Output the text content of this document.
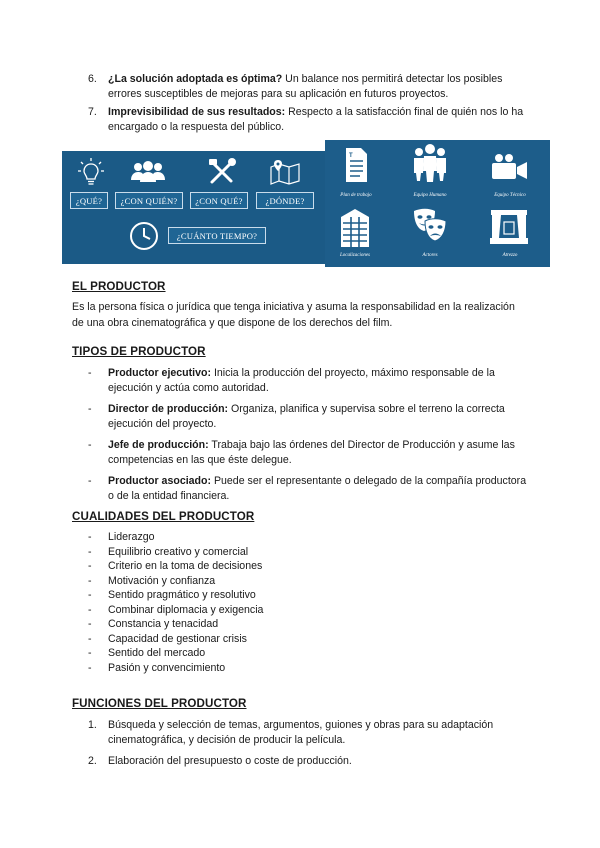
6.	¿La solución adoptada es óptima? Un balance nos permitirá detectar los posibles errores susceptibles de mejoras para su aplicación en futuros proyectos.
7.	Imprevisibilidad de sus resultados: Respecto a la satisfacción final de quién nos lo ha encargado o la respuesta del público.
¿QUÉ?	¿CON QUIÉN?	¿CON QUÉ?	¿DÓNDE?
¿CUÁNTO TIEMPO?
T
Plan de trabajo	Equipo Humano	Equipo Técnico
Localizaciones	Actores	Atrezzo
EL PRODUCTOR
Es la persona física o jurídica que tenga iniciativa y asuma la responsabilidad en la realización de una obra cinematográfica y que dispone de los derechos del film.
TIPOS DE PRODUCTOR
-	Productor ejecutivo: Inicia la producción del proyecto, máximo responsable de la ejecución y actúa como autoridad.
-	Director de producción: Organiza, planifica y supervisa sobre el terreno la correcta ejecución del proyecto.
-	Jefe de producción: Trabaja bajo las órdenes del Director de Producción y asume las competencias en las que éste delegue.
-	Productor asociado: Puede ser el representante o delegado de la compañía productora o de la entidad financiera.
CUALIDADES DEL PRODUCTOR
-	Liderazgo
-	Equilibrio creativo y comercial
-	Criterio en la toma de decisiones
-	Motivación y confianza
-	Sentido pragmático y resolutivo
-	Combinar diplomacia y exigencia
-	Constancia y tenacidad
-	Capacidad de gestionar crisis
-	Sentido del mercado
-	Pasión y convencimiento
FUNCIONES DEL PRODUCTOR
1.	Búsqueda y selección de temas, argumentos, guiones y obras para su adaptación cinematográfica, y decisión de producir la película.
2.	Elaboración del presupuesto o coste de producción.
